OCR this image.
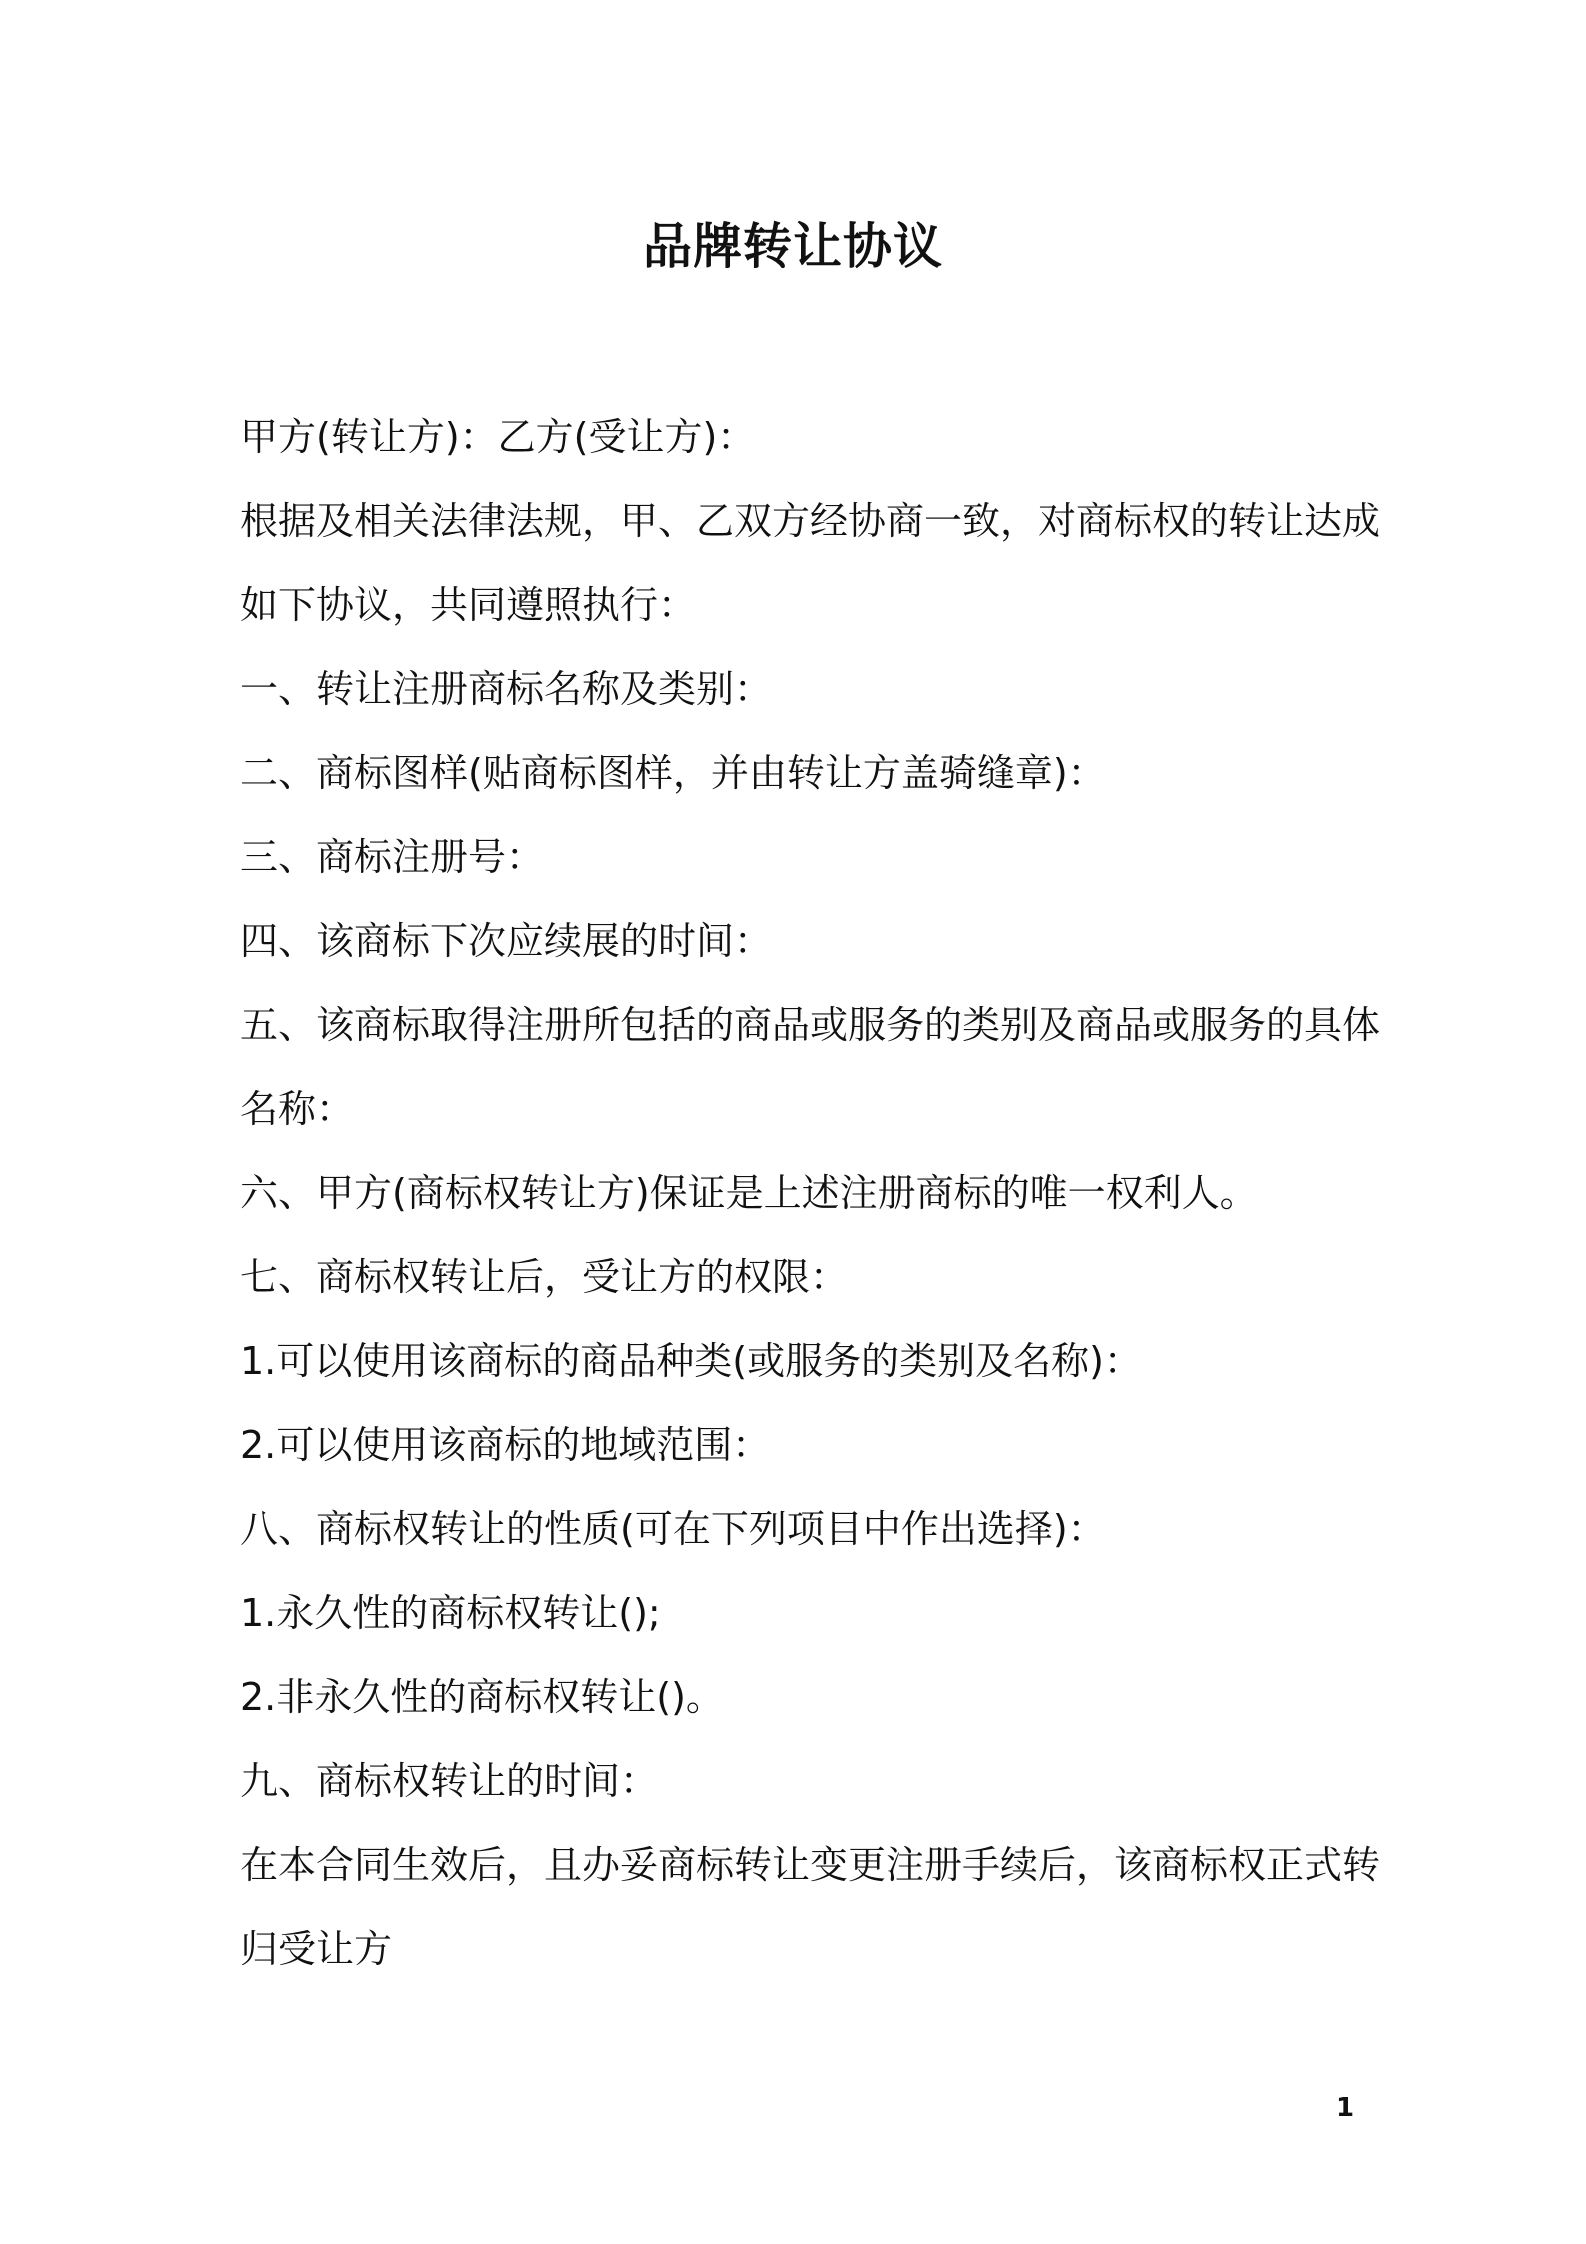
品牌转让协议
甲方(转让方)：乙方(受让方)：
根据及相关法律法规，甲、乙双方经协商一致，对商标权的转让达成
如下协议，共同遵照执行：
一、转让注册商标名称及类别：
二、商标图样(贴商标图样，并由转让方盖骑缝章)：
三、商标注册号：
四、该商标下次应续展的时间：
五、该商标取得注册所包括的商品或服务的类别及商品或服务的具体
名称：
六、甲方(商标权转让方)保证是上述注册商标的唯一权利人。
七、商标权转让后，受让方的权限：
1.可以使用该商标的商品种类(或服务的类别及名称)：
2.可以使用该商标的地域范围：
八、商标权转让的性质(可在下列项目中作出选择)：
1.永久性的商标权转让();
2.非永久性的商标权转让()。
九、商标权转让的时间：
在本合同生效后，且办妥商标转让变更注册手续后，该商标权正式转
归受让方
1
